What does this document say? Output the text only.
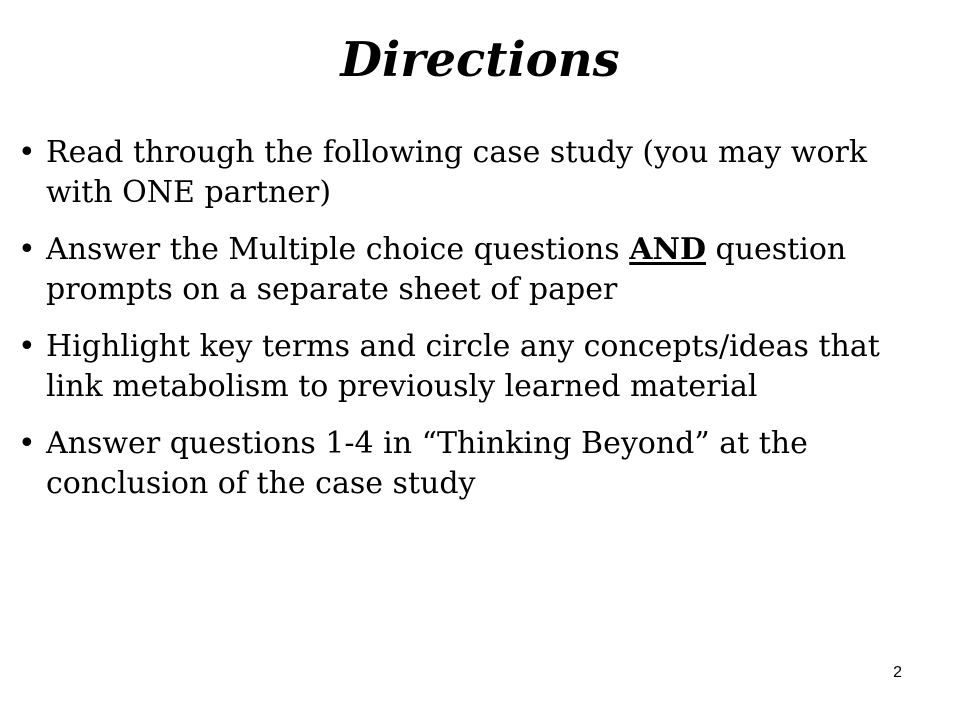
Directions
• Read through the following case study (you may work with ONE partner)
• Answer the Multiple choice questions AND question prompts on a separate sheet of paper
• Highlight key terms and circle any concepts/ideas that link metabolism to previously learned material
• Answer questions 1-4 in “Thinking Beyond” at the conclusion of the case study
2
